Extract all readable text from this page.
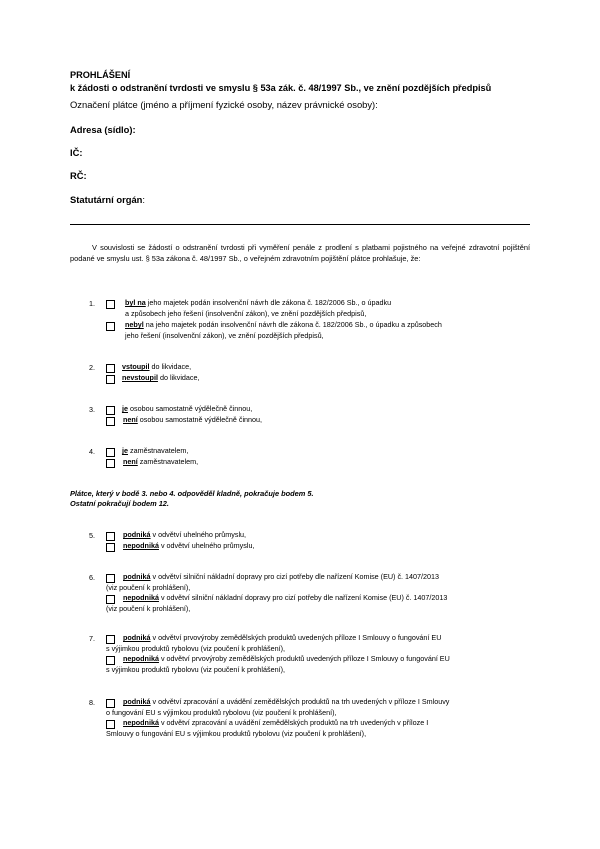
PROHLÁŠENÍ
k žádosti o odstranění tvrdosti ve smyslu § 53a zák. č. 48/1997 Sb., ve znění pozdějších předpisů
Označení plátce (jméno a příjmení fyzické osoby, název právnické osoby):
Adresa (sídlo):
IČ:
RČ:
Statutární orgán:
V souvislosti se žádostí o odstranění tvrdosti při vyměření penále z prodlení s platbami pojistného na veřejné zdravotní pojištění podané ve smyslu ust. § 53a zákona č. 48/1997 Sb., o veřejném zdravotním pojištění plátce prohlašuje, že:
1.	byl na jeho majetek podán insolvenční návrh dle zákona č. 182/2006 Sb., o úpadku
a způsobech jeho řešení (insolvenční zákon), ve znění pozdějších předpisů,
nebyl na jeho majetek podán insolvenční návrh dle zákona č. 182/2006 Sb., o úpadku a způsobech
jeho řešení (insolvenční zákon), ve znění pozdějších předpisů,
2.	vstoupil do likvidace,
nevstoupil do likvidace,
3.	je osobou samostatně výdělečně činnou,
není osobou samostatně výdělečně činnou,
4.	je zaměstnavatelem,
není zaměstnavatelem,
Plátce, který v bodě 3. nebo 4. odpověděl kladně, pokračuje bodem 5.
Ostatní pokračují bodem 12.
5.	podniká v odvětví uhelného průmyslu,
nepodniká v odvětví uhelného průmyslu,
6.	podniká v odvětví silniční nákladní dopravy pro cizí potřeby dle nařízení Komise (EU) č. 1407/2013
(viz poučení k prohlášení),
nepodniká v odvětví silniční nákladní dopravy pro cizí potřeby dle nařízení Komise (EU) č. 1407/2013
(viz poučení k prohlášení),
7.	podniká v odvětví prvovýroby zemědělských produktů uvedených příloze I Smlouvy o fungování EU
s výjimkou produktů rybolovu (viz poučení k prohlášení),
nepodniká v odvětví prvovýroby zemědělských produktů uvedených příloze I Smlouvy o fungování EU
s výjimkou produktů rybolovu (viz poučení k prohlášení),
8.	podniká v odvětví zpracování a uvádění zemědělských produktů na trh uvedených v příloze I Smlouvy
o fungování EU s výjimkou produktů rybolovu (viz poučení k prohlášení),
nepodniká v odvětví zpracování a uvádění zemědělských produktů na trh uvedených v příloze I
Smlouvy o fungování EU s výjimkou produktů rybolovu (viz poučení k prohlášení),
